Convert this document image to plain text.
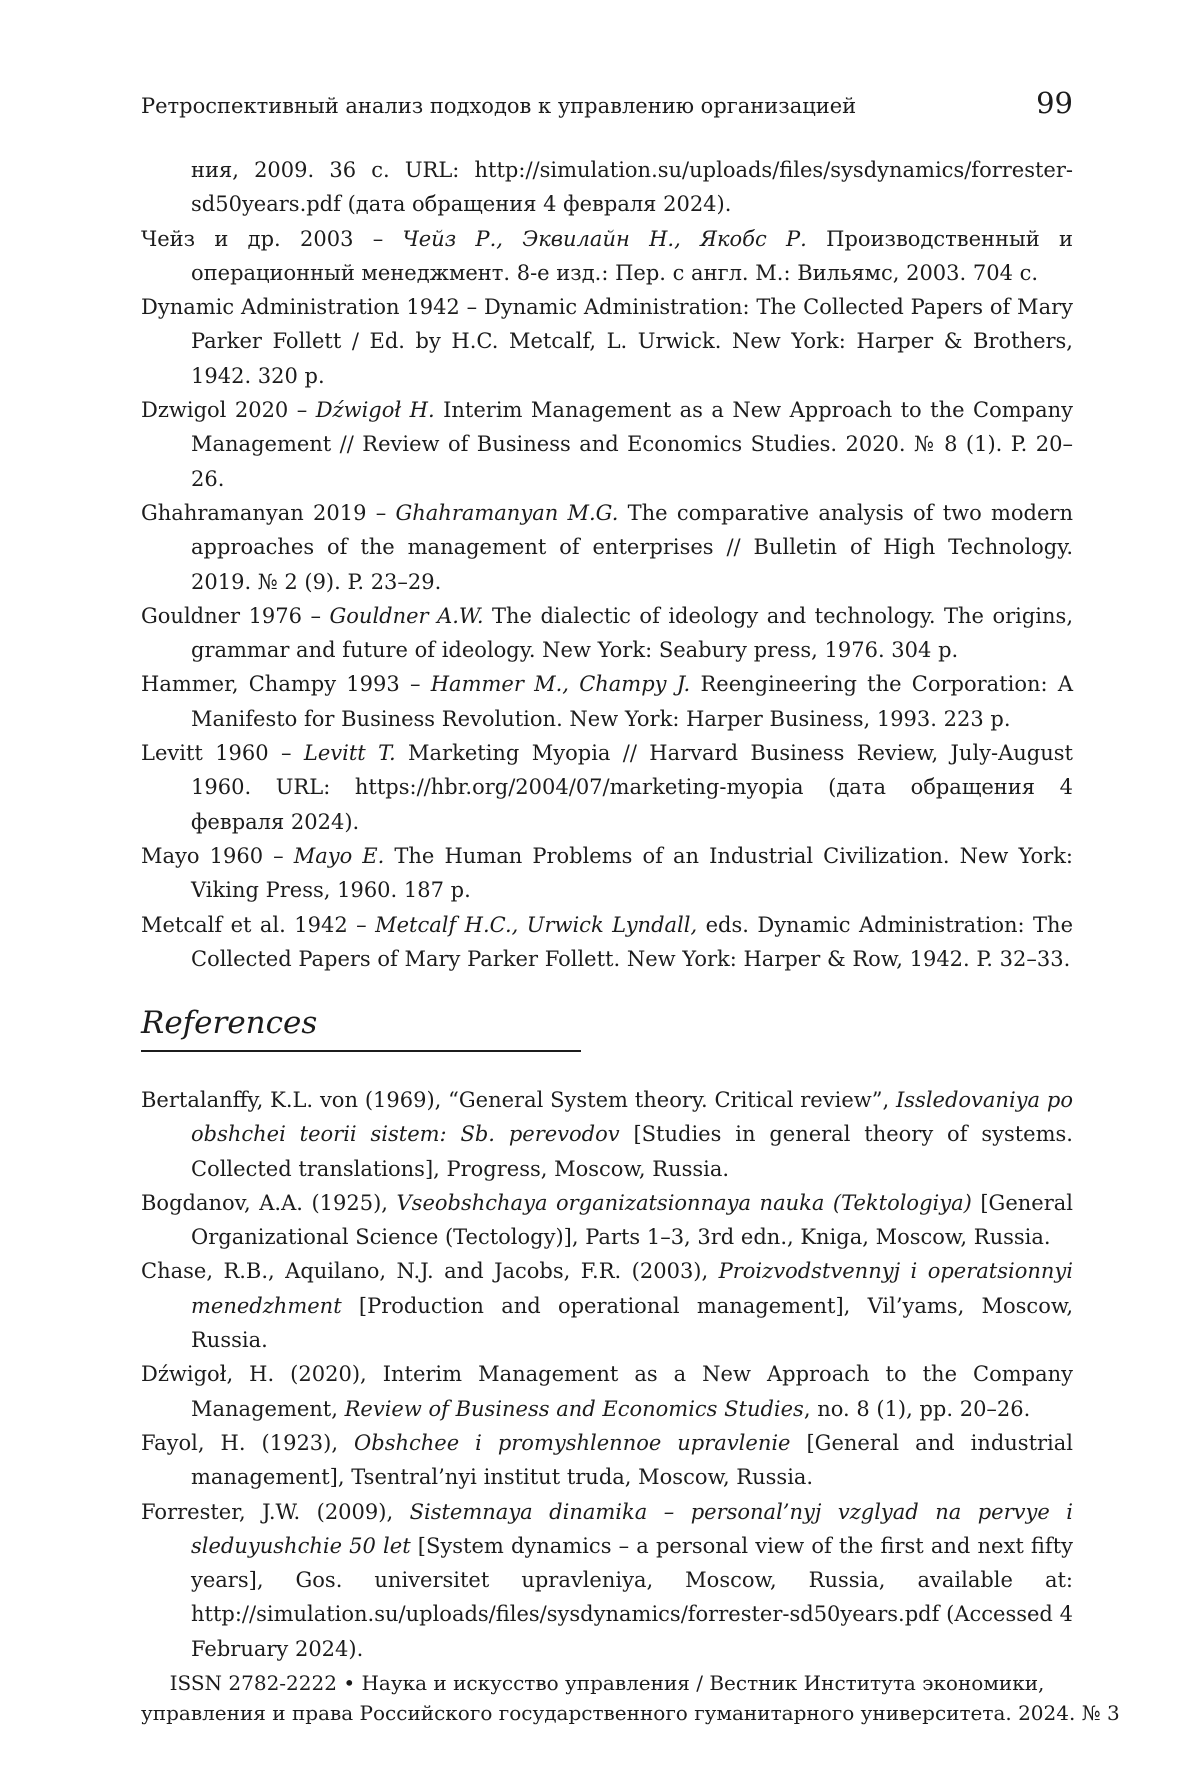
Ретроспективный анализ подходов к управлению организацией	99
ния, 2009. 36 с. URL: http://simulation.su/uploads/files/sysdynamics/forrester-sd50years.pdf (дата обращения 4 февраля 2024).
Чейз и др. 2003 – Чейз Р., Эквилайн Н., Якобс Р. Производственный и операционный менеджмент. 8-е изд.: Пер. с англ. М.: Вильямс, 2003. 704 с.
Dynamic Administration 1942 – Dynamic Administration: The Collected Papers of Mary Parker Follett / Ed. by H.C. Metcalf, L. Urwick. New York: Harper & Brothers, 1942. 320 p.
Dzwigol 2020 – Dźwigoł H. Interim Management as a New Approach to the Company Management // Review of Business and Economics Studies. 2020. № 8 (1). P. 20–26.
Ghahramanyan 2019 – Ghahramanyan M.G. The comparative analysis of two modern approaches of the management of enterprises // Bulletin of High Technology. 2019. № 2 (9). P. 23–29.
Gouldner 1976 – Gouldner A.W. The dialectic of ideology and technology. The origins, grammar and future of ideology. New York: Seabury press, 1976. 304 p.
Hammer, Champy 1993 – Hammer M., Champy J. Reengineering the Corporation: A Manifesto for Business Revolution. New York: Harper Business, 1993. 223 p.
Levitt 1960 – Levitt T. Marketing Myopia // Harvard Business Review, July-August 1960. URL: https://hbr.org/2004/07/marketing-myopia (дата обращения 4 февраля 2024).
Mayo 1960 – Mayo E. The Human Problems of an Industrial Civilization. New York: Viking Press, 1960. 187 p.
Metcalf et al. 1942 – Metcalf H.C., Urwick Lyndall, eds. Dynamic Administration: The Collected Papers of Mary Parker Follett. New York: Harper & Row, 1942. P. 32–33.
References
Bertalanffy, K.L. von (1969), “General System theory. Critical review”, Issledovaniya po obshchei teorii sistem: Sb. perevodov [Studies in general theory of systems. Collected translations], Progress, Moscow, Russia.
Bogdanov, A.A. (1925), Vseobshchaya organizatsionnaya nauka (Tektologiya) [General Organizational Science (Tectology)], Parts 1–3, 3rd edn., Kniga, Moscow, Russia.
Chase, R.B., Aquilano, N.J. and Jacobs, F.R. (2003), Proizvodstvennyj i operatsionnyi menedzhment [Production and operational management], Vil’yams, Moscow, Russia.
Dźwigoł, H. (2020), Interim Management as a New Approach to the Company Management, Review of Business and Economics Studies, no. 8 (1), pp. 20–26.
Fayol, H. (1923), Obshchee i promyshlennoe upravlenie [General and industrial management], Tsentral’nyi institut truda, Moscow, Russia.
Forrester, J.W. (2009), Sistemnaya dinamika – personal’nyj vzglyad na pervye i sleduyushchie 50 let [System dynamics – a personal view of the first and next fifty years], Gos. universitet upravleniya, Moscow, Russia, available at: http://simulation.su/uploads/files/sysdynamics/forrester-sd50years.pdf (Accessed 4 February 2024).
ISSN 2782-2222 • Наука и искусство управления / Вестник Института экономики,
управления и права Российского государственного гуманитарного университета. 2024. № 3
